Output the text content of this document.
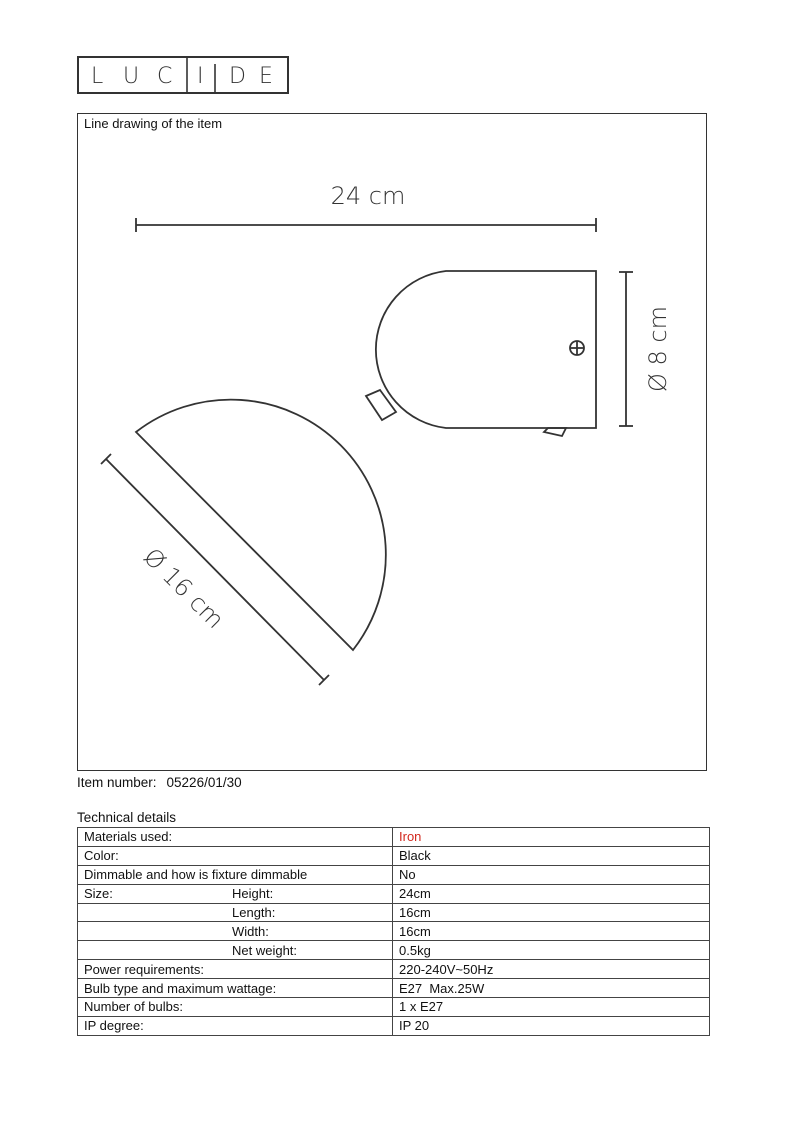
L U C	D E
I
Line drawing of the item
24 cm
Ø 8 cm
Ø 16 cm
Item number: 05226/01/30
Technical details
Materials used:	Iron
Color:	Black
Dimmable and how is fixture dimmable	No
Size: Height:	24cm
Length:	16cm
Width:	16cm
Net weight:	0.5kg
Power requirements:	220-240V~50Hz
Bulb type and maximum wattage:	E27  Max.25W
Number of bulbs:	1 x E27
IP degree:	IP 20
